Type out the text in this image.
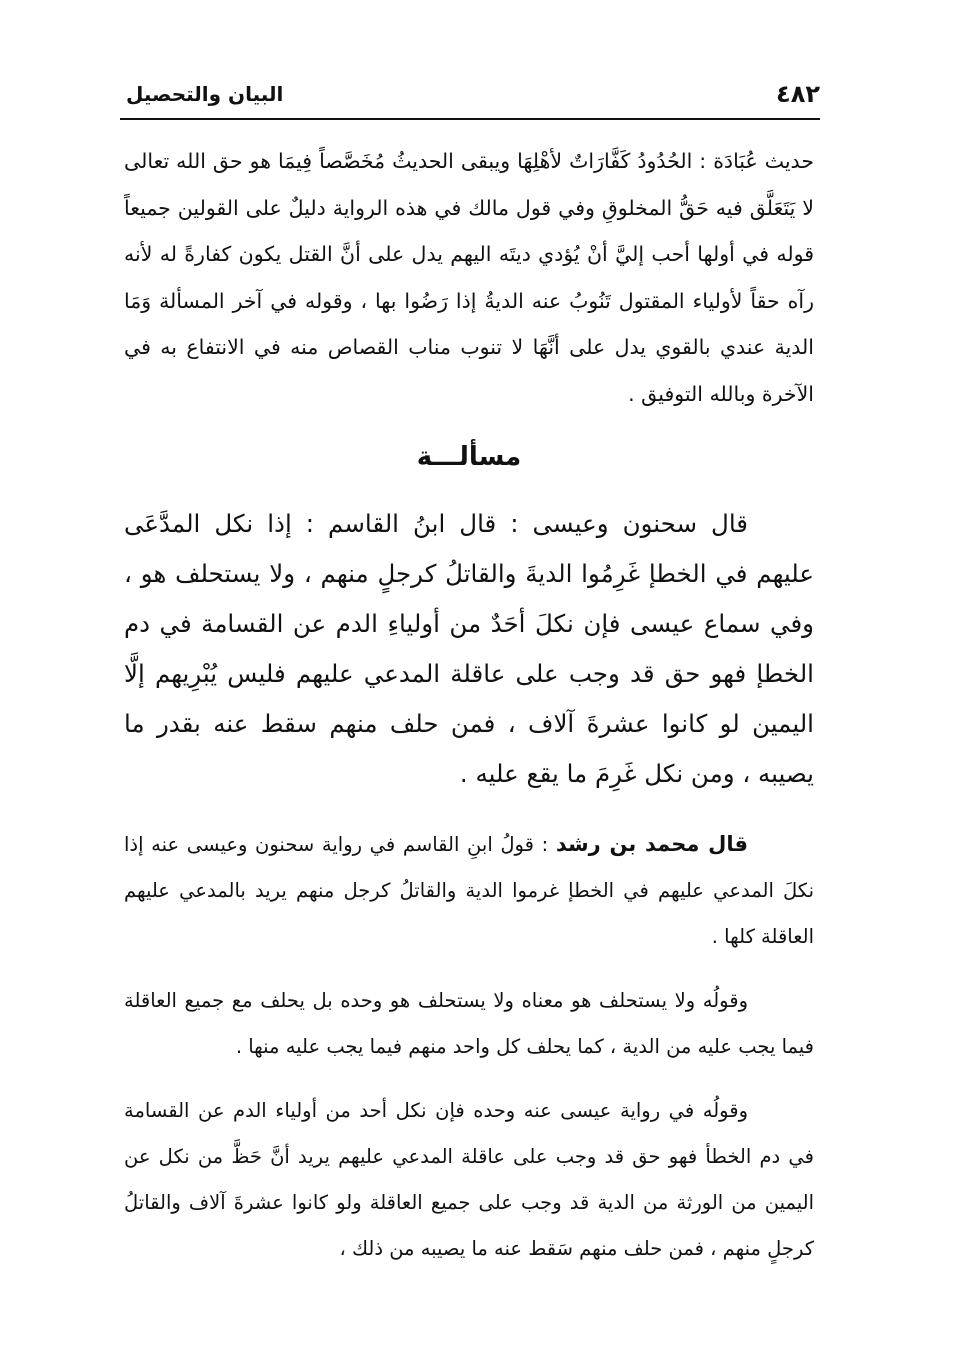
٤٨٢
البيان والتحصيل

حديث عُبَادَة : الحُدُودُ كَفَّارَاتٌ لأهْلِهَا ويبقى الحديثُ مُخَصَّصاً فِيمَا هو حق الله تعالى لا يَتَعَلَّق فيه حَقُّ المخلوقِ وفي قول مالك في هذه الرواية دليلٌ على القولين جميعاً قوله في أولها أحب إليَّ أنْ يُؤدي ديتَه اليهم يدل على أنَّ القتل يكون كفارةً له لأنه رآه حقاً لأولياء المقتول تَنُوبُ عنه الديةُ إذا رَضُوا بها ، وقوله في آخر المسألة وَمَا الدية عندي بالقوي يدل على أنَّهَا لا تنوب مناب القصاص منه في الانتفاع به في الآخرة وبالله التوفيق .

مسألـــة

قال سحنون وعيسى : قال ابنُ القاسم : إذا نكل المدَّعَى عليهم في الخطإ غَرِمُوا الديةَ والقاتلُ كرجلٍ منهم ، ولا يستحلف هو ، وفي سماع عيسى فإن نكلَ أحَدٌ من أولياءِ الدم عن القسامة في دم الخطإ فهو حق قد وجب على عاقلة المدعي عليهم فليس يُبْرِيهم إلَّا اليمين لو كانوا عشرةَ آلاف ، فمن حلف منهم سقط عنه بقدر ما يصيبه ، ومن نكل غَرِمَ ما يقع عليه .

قال محمد بن رشد : قولُ ابنِ القاسم في رواية سحنون وعيسى عنه إذا نكلَ المدعي عليهم في الخطإ غرموا الدية والقاتلُ كرجل منهم يريد بالمدعي عليهم العاقلة كلها .

وقولُه ولا يستحلف هو معناه ولا يستحلف هو وحده بل يحلف مع جميع العاقلة فيما يجب عليه من الدية ، كما يحلف كل واحد منهم فيما يجب عليه منها .

وقولُه في رواية عيسى عنه وحده فإن نكل أحد من أولياء الدم عن القسامة في دم الخطأ فهو حق قد وجب على عاقلة المدعي عليهم يريد أنَّ حَظَّ من نكل عن اليمين من الورثة من الدية قد وجب على جميع العاقلة ولو كانوا عشرةَ آلاف والقاتلُ كرجلٍ منهم ، فمن حلف منهم سَقط عنه ما يصيبه من ذلك ،
